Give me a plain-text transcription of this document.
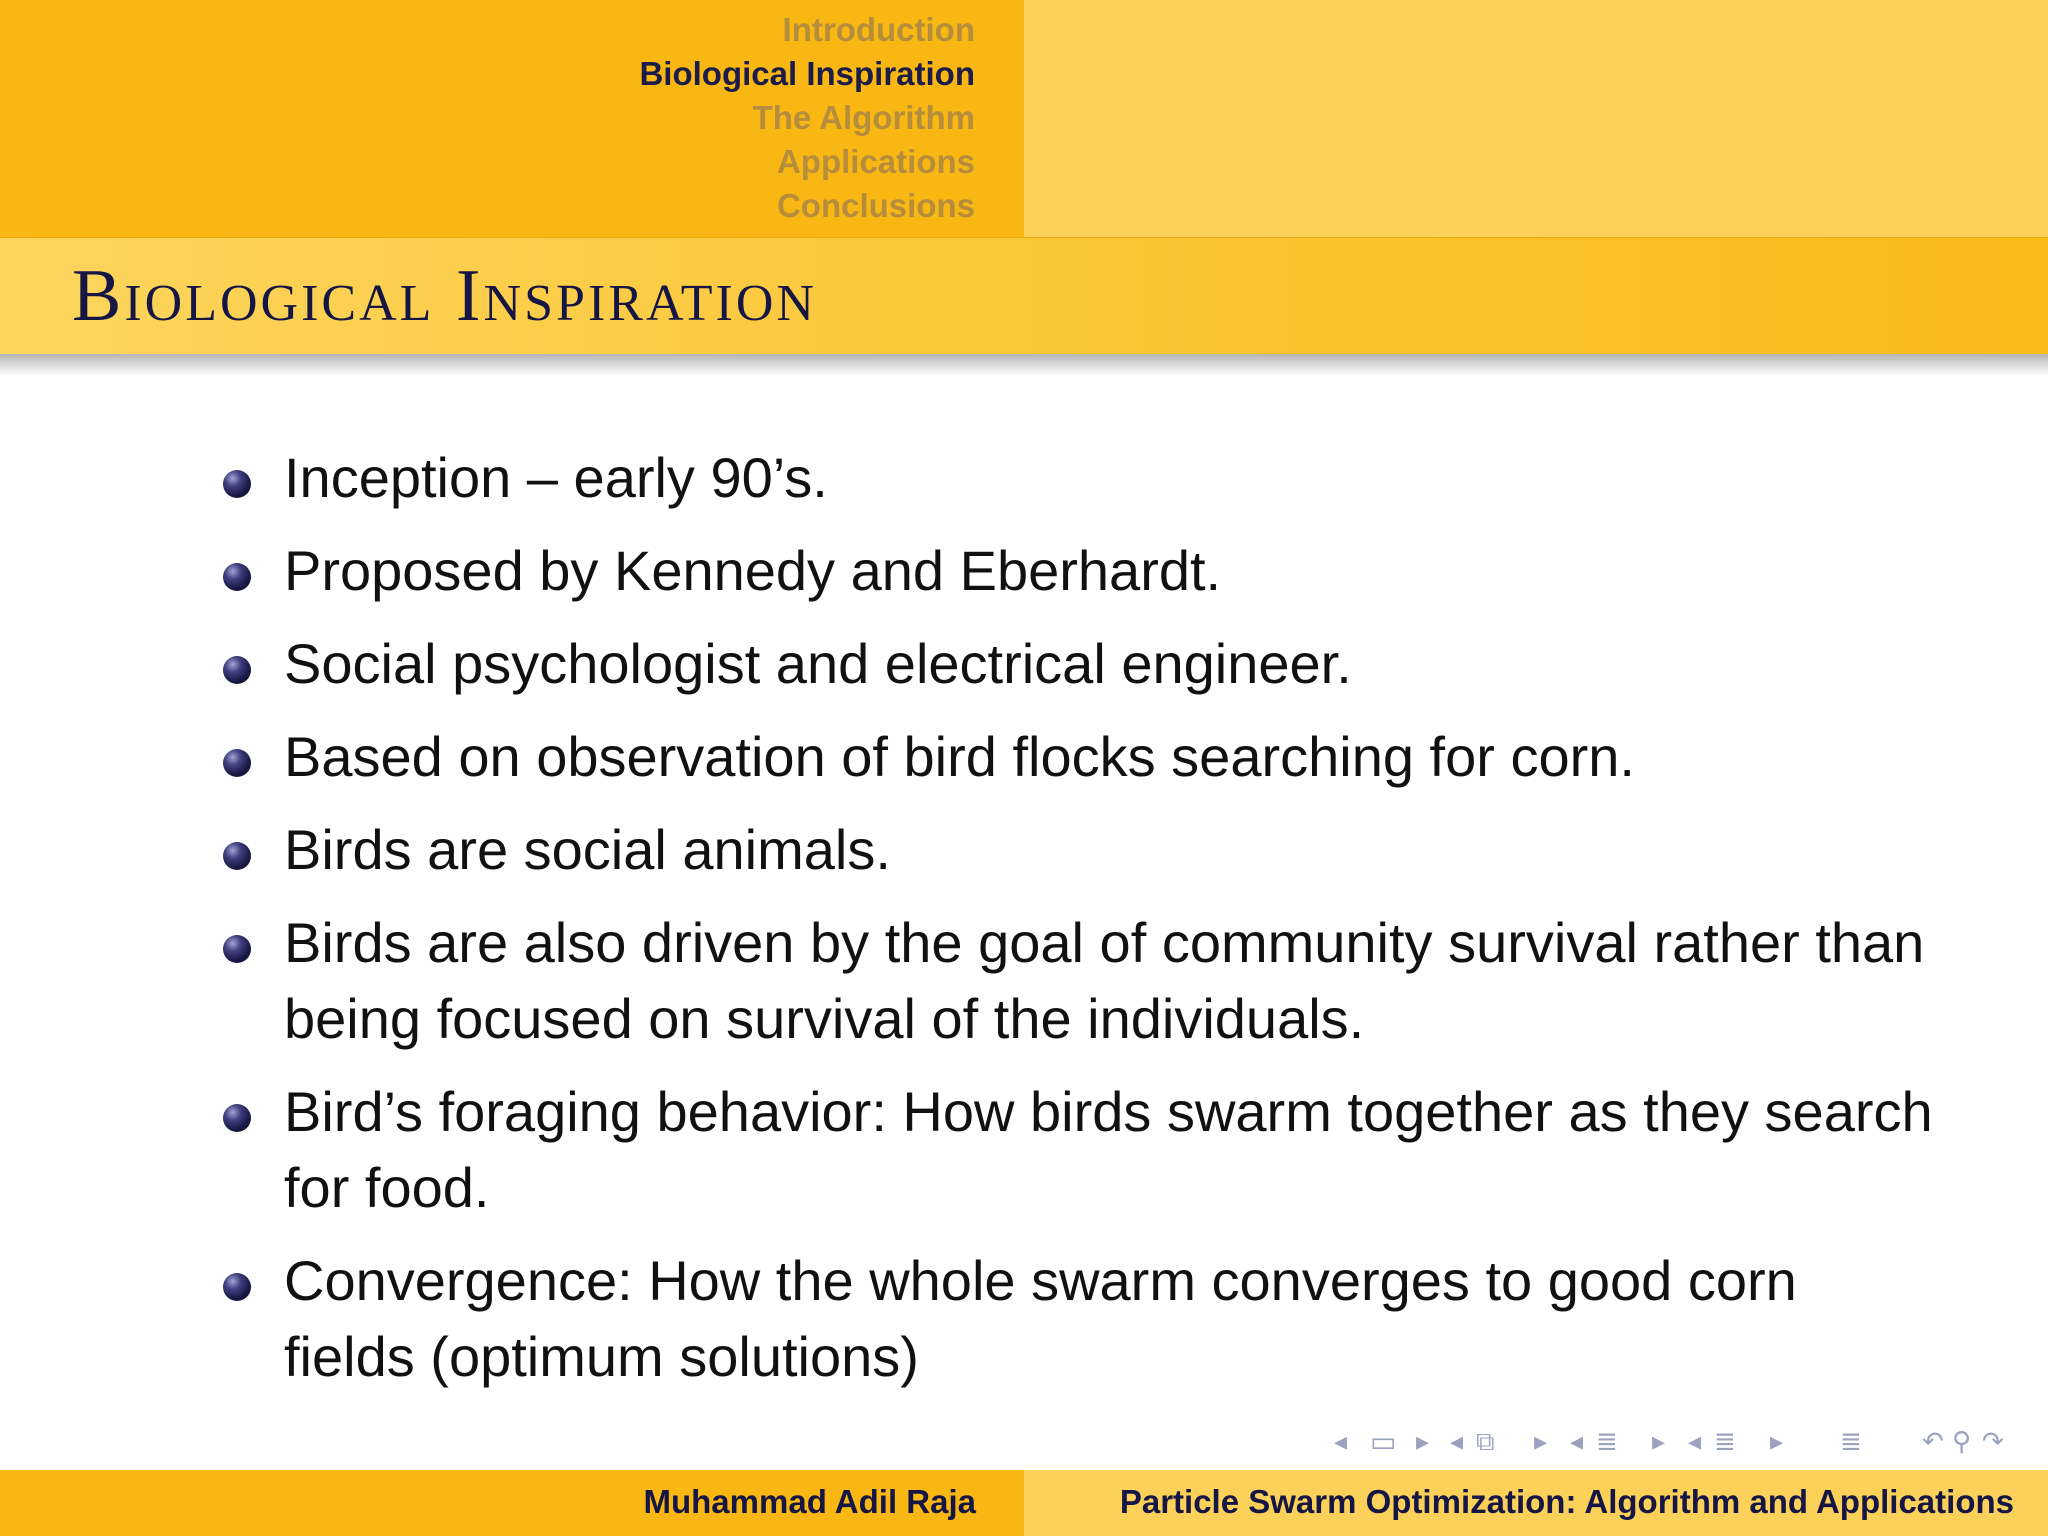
Introduction
Biological Inspiration
The Algorithm
Applications
Conclusions
Biological Inspiration
Inception – early 90’s.
Proposed by Kennedy and Eberhardt.
Social psychologist and electrical engineer.
Based on observation of bird flocks searching for corn.
Birds are social animals.
Birds are also driven by the goal of community survival rather than being focused on survival of the individuals.
Bird’s foraging behavior: How birds swarm together as they search for food.
Convergence: How the whole swarm converges to good corn fields (optimum solutions)
◂ ▭ ▸ ◂ ⧉ ▸ ◂ ≣ ▸ ◂ ≣ ▸ ≣ ↶ ⚲ ↷
Muhammad Adil Raja	Particle Swarm Optimization: Algorithm and Applications
